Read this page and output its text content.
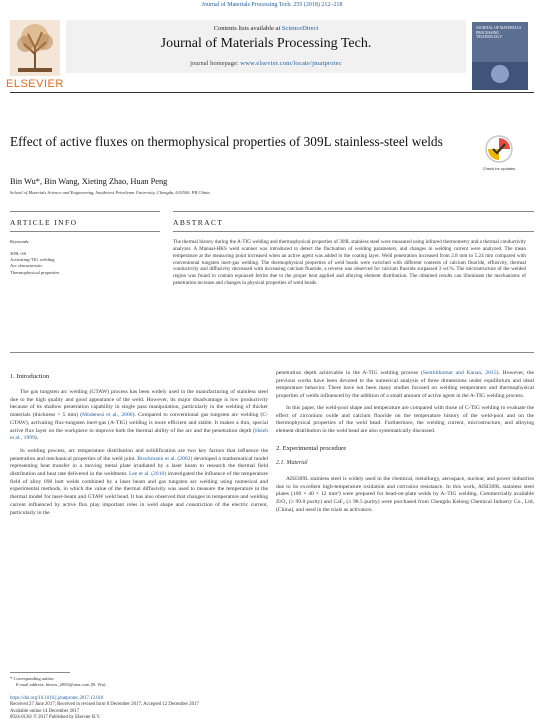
Journal of Materials Processing Tech. 255 (2018) 212–218
ELSEVIER
Contents lists available at ScienceDirect
Journal of Materials Processing Tech.
journal homepage: www.elsevier.com/locate/jmatprotec
JOURNAL OF MATERIALS PROCESSING TECHNOLOGY
Effect of active fluxes on thermophysical properties of 309L stainless-steel welds
Check for updates
Bin Wu*, Bin Wang, Xieting Zhao, Huan Peng
School of Materials Science and Engineering, Southwest Petroleum University, Chengdu, 610500, PR China
ARTICLE INFO
Keywords:
309L-SS
Activating-TIG welding
Arc characteristic
Thermophysical properties
ABSTRACT
The thermal history during the A-TIG welding and thermophysical properties of 309L stainless steel were measured using infrared thermometry and a thermal conductivity analyzer. A Manual-HKS weld scanner was introduced to detect the fluctuation of welding parameters, and changes in welding current were analyzed. The mean temperature at the measuring point increased when an active agent was added to the coating layer. Weld penetration increased from 2.8 mm to 5.24 mm compared with conventional tungsten inert-gas welding. The thermophysical properties of weld beads were switched with different contents of calcium fluoride, effusivity, thermal conductivity and diffusivity decreased with increasing calcium fluoride, a reverse was observed for calcium fluoride surpassed 3 wt.%. The microstructure of the welded region was found to contain equiaxed ferrite due to the proper heat applied and alloying element distribution. The obtained results can illuminate the mechanisms of penetration increase and changes in physical properties of weld beads.
1. Introduction

The gas tungsten arc welding (GTAW) process has been widely used in the manufacturing of stainless steel due to the high quality and good appearance of the weld. However, its major disadvantage is low productivity because of its shallow penetration capability in single pass manipulation, particularly in the welding of thicker materials (thickness > 5 mm) (Modenesi et al., 2000). Compared to conventional gas tungsten arc welding (C-GTAW), activating flux-tungsten inert-gas (A-TIG) welding is more efficient and stable. It makes a thin, special active flux layer on the workpiece to improve both the thermal ability of the arc and the penetration depth (Hsieh et al., 1999).

In welding process, arc temperature distribution and solidification are two key factors that influence the penetration and mechanical properties of the weld joint. Brockmann et al. (2003) developed a mathematical model representing heat transfer in a moving metal plate irradiated by a laser beam to research the thermal field distribution and heat rate delivered in the weldment. Lee et al. (2010) investigated the influence of the temperature field of alloy 690 butt welds combined by a laser beam and gas tungsten arc welding using numerical and experimental methods, in which the value of the thermal diffusivity was used to measure the temperature in the thermal model for laser-beam and GTAW weld bead. It has also observed that changes in temperature and welding current influenced by active flux play important roles in weld shape and constriction of the electric current, particularly in the

penetration depth achievable in the A-TIG welding process (Senthilkumar and Kanan, 2015). However, the previous works have been devoted to the numerical analysis of three dimensions under equilibrium and ideal temperature behavior. There have not been many studies focused on welding temperature and thermophysical properties of welds influenced by the addition of a small amount of active agent in the A-TIG welding process.

In this paper, the weld-pool shape and temperature are compared with those of C-TIG welding to evaluate the effect of zirconium oxide and calcium fluoride on the temperature history of the weld-pool and on the thermophysical properties of the weld bead. Furthermore, the welding current, microstructure, and alloying element distribution in the weld bead are also systematically discussed.

2. Experimental procedure
2.1. Material

AISI309L stainless steel is widely used in the chemical, metallurgy, aerospace, nuclear, and power industries due to its excellent high-temperature oxidation and corrosion resistance. In this work, AISI309L stainless steel plates (100 × 40 × 12 mm³) were prepared for bead-on-plate welds by A–TIG welding. Commercially available ZrO₂ (≥ 99.0 purity) and CaF₂ (≥ 98.5 purity) were purchased from Chengdu Kelong Chemical Industry Co., Ltd, (China), and used in the trials as activators.

* Corresponding author.
E-mail address: binwu_2005@sina.com (B. Wu).
https://doi.org/10.1016/j.jmatprotec.2017.12.018
Received 27 June 2017; Received in revised form 8 December 2017; Accepted 12 December 2017
Available online 14 December 2017
0924-0136/ © 2017 Published by Elsevier B.V.
